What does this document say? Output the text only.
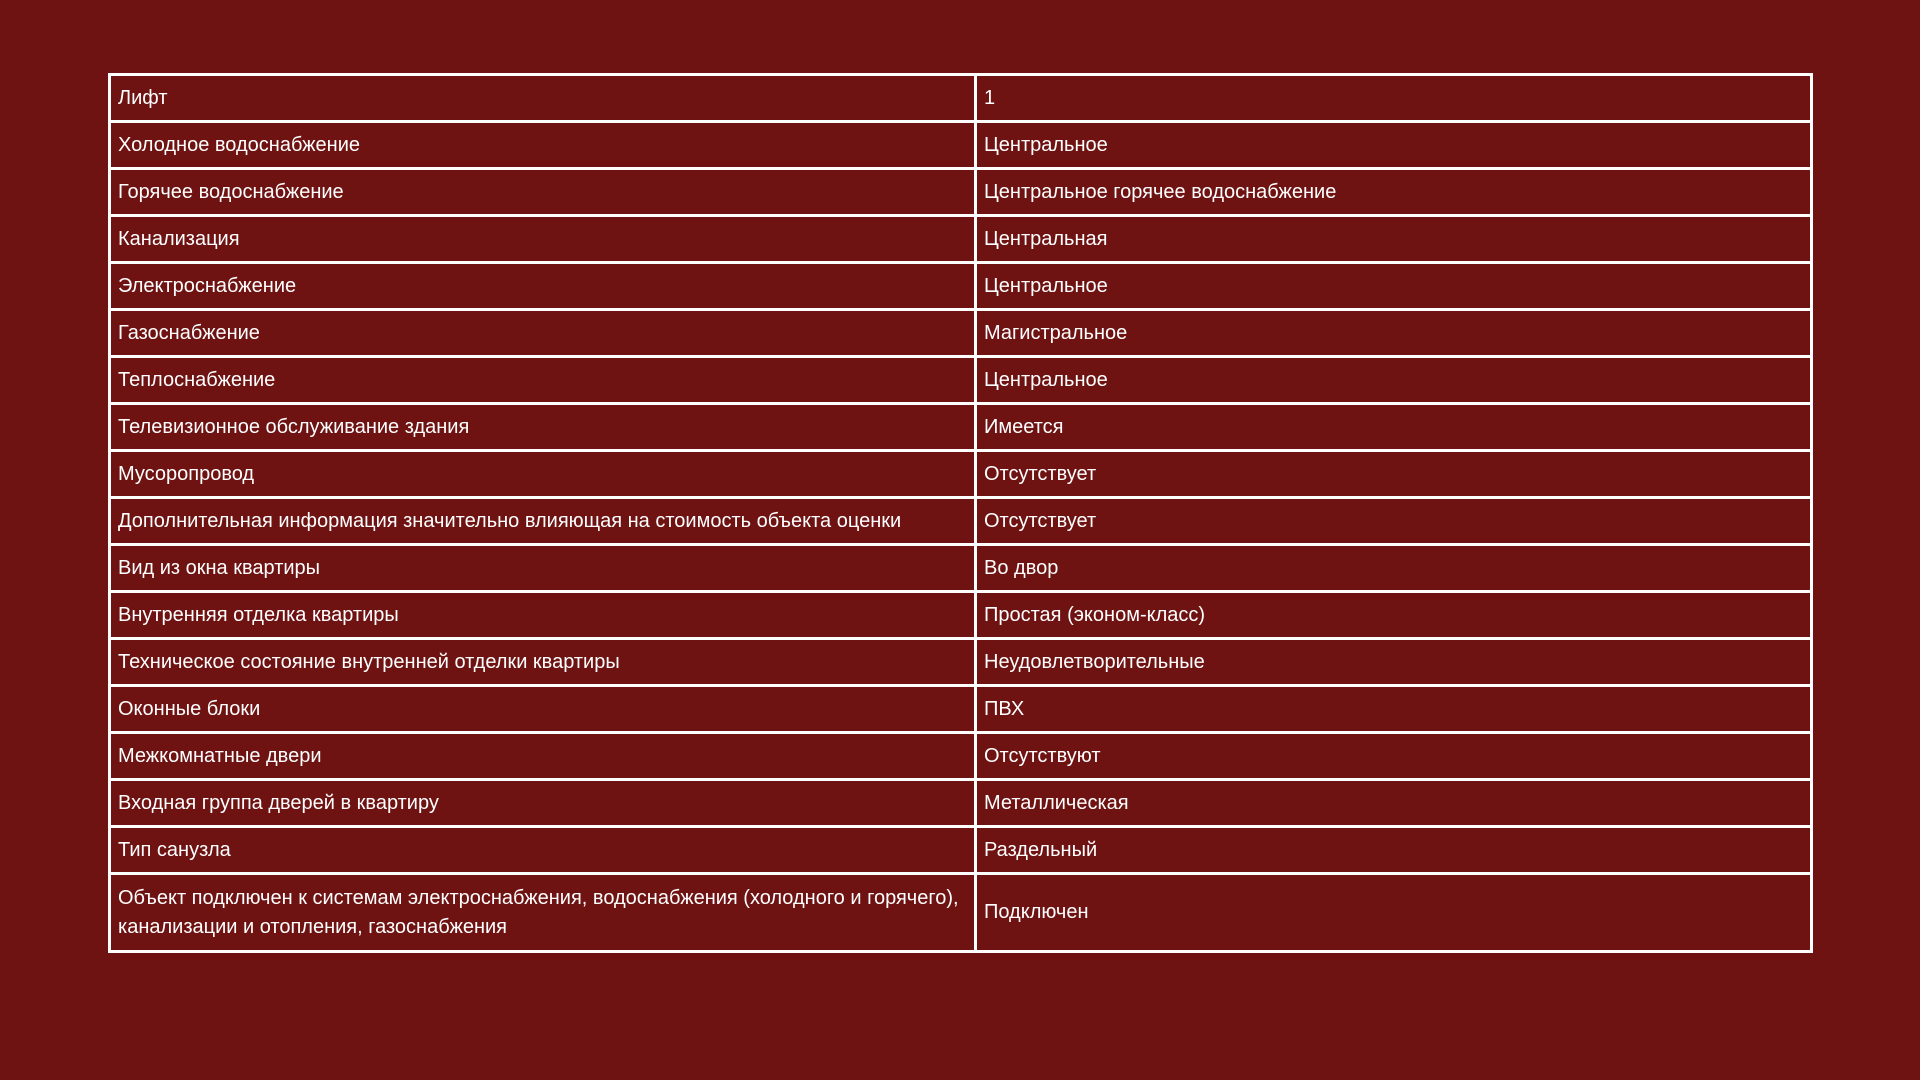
Лифт	1
Холодное водоснабжение	Центральное
Горячее водоснабжение	Центральное горячее водоснабжение
Канализация	Центральная
Электроснабжение	Центральное
Газоснабжение	Магистральное
Теплоснабжение	Центральное
Телевизионное обслуживание здания	Имеется
Мусоропровод	Отсутствует
Дополнительная информация значительно влияющая на стоимость объекта оценки	Отсутствует
Вид из окна квартиры	Во двор
Внутренняя отделка квартиры	Простая (эконом-класс)
Техническое состояние внутренней отделки квартиры	Неудовлетворительные
Оконные блоки	ПВХ
Межкомнатные двери	Отсутствуют
Входная группа дверей в квартиру	Металлическая
Тип санузла	Раздельный
Объект подключен к системам электроснабжения, водоснабжения (холодного и горячего), канализации и отопления, газоснабжения	Подключен
